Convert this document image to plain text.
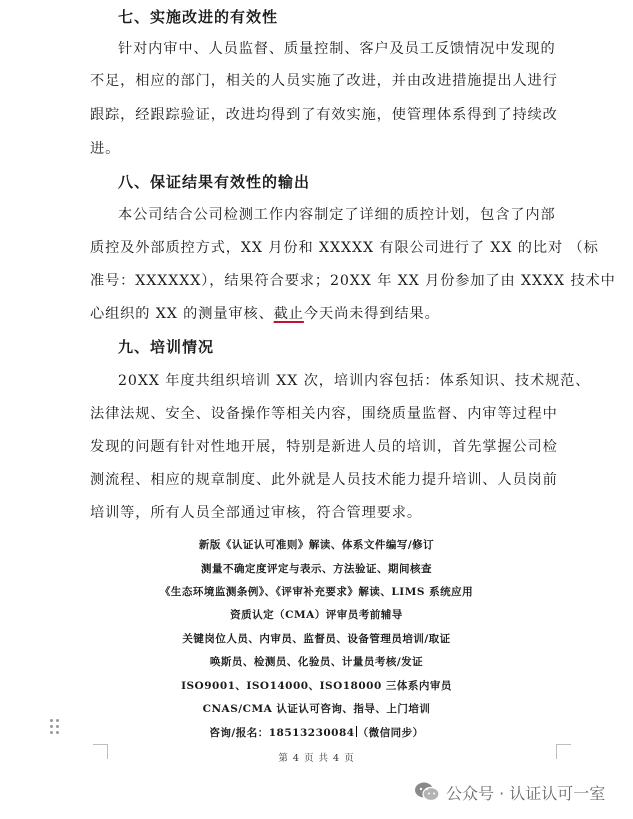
七、实施改进的有效性
针对内审中、人员监督、质量控制、客户及员工反馈情况中发现的
不足，相应的部门，相关的人员实施了改进，并由改进措施提出人进行
跟踪，经跟踪验证，改进均得到了有效实施，使管理体系得到了持续改
进。
八、保证结果有效性的输出
本公司结合公司检测工作内容制定了详细的质控计划，包含了内部
质控及外部质控方式，XX 月份和 XXXXX 有限公司进行了 XX 的比对 （标
准号：XXXXXX），结果符合要求；20XX 年 XX 月份参加了由 XXXX 技术中
心组织的 XX 的测量审核、截止今天尚未得到结果。
九、培训情况
20XX 年度共组织培训 XX 次，培训内容包括：体系知识、技术规范、
法律法规、安全、设备操作等相关内容，围绕质量监督、内审等过程中
发现的问题有针对性地开展，特别是新进人员的培训，首先掌握公司检
测流程、相应的规章制度、此外就是人员技术能力提升培训、人员岗前
培训等，所有人员全部通过审核，符合管理要求。
新版《认证认可准则》解读、体系文件编写/修订
测量不确定度评定与表示、方法验证、期间核查
《生态环境监测条例》、《评审补充要求》解读、LIMS 系统应用
资质认定（CMA）评审员考前辅导
关键岗位人员、内审员、监督员、设备管理员培训/取证
唤斯员、检测员、化验员、计量员考核/发证
ISO9001、ISO14000、ISO18000 三体系内审员
CNAS/CMA 认证认可咨询、指导、上门培训
咨询/报名：18513230084 （微信同步）
第 4 页 共 4 页
公众号 · 认证认可一室
